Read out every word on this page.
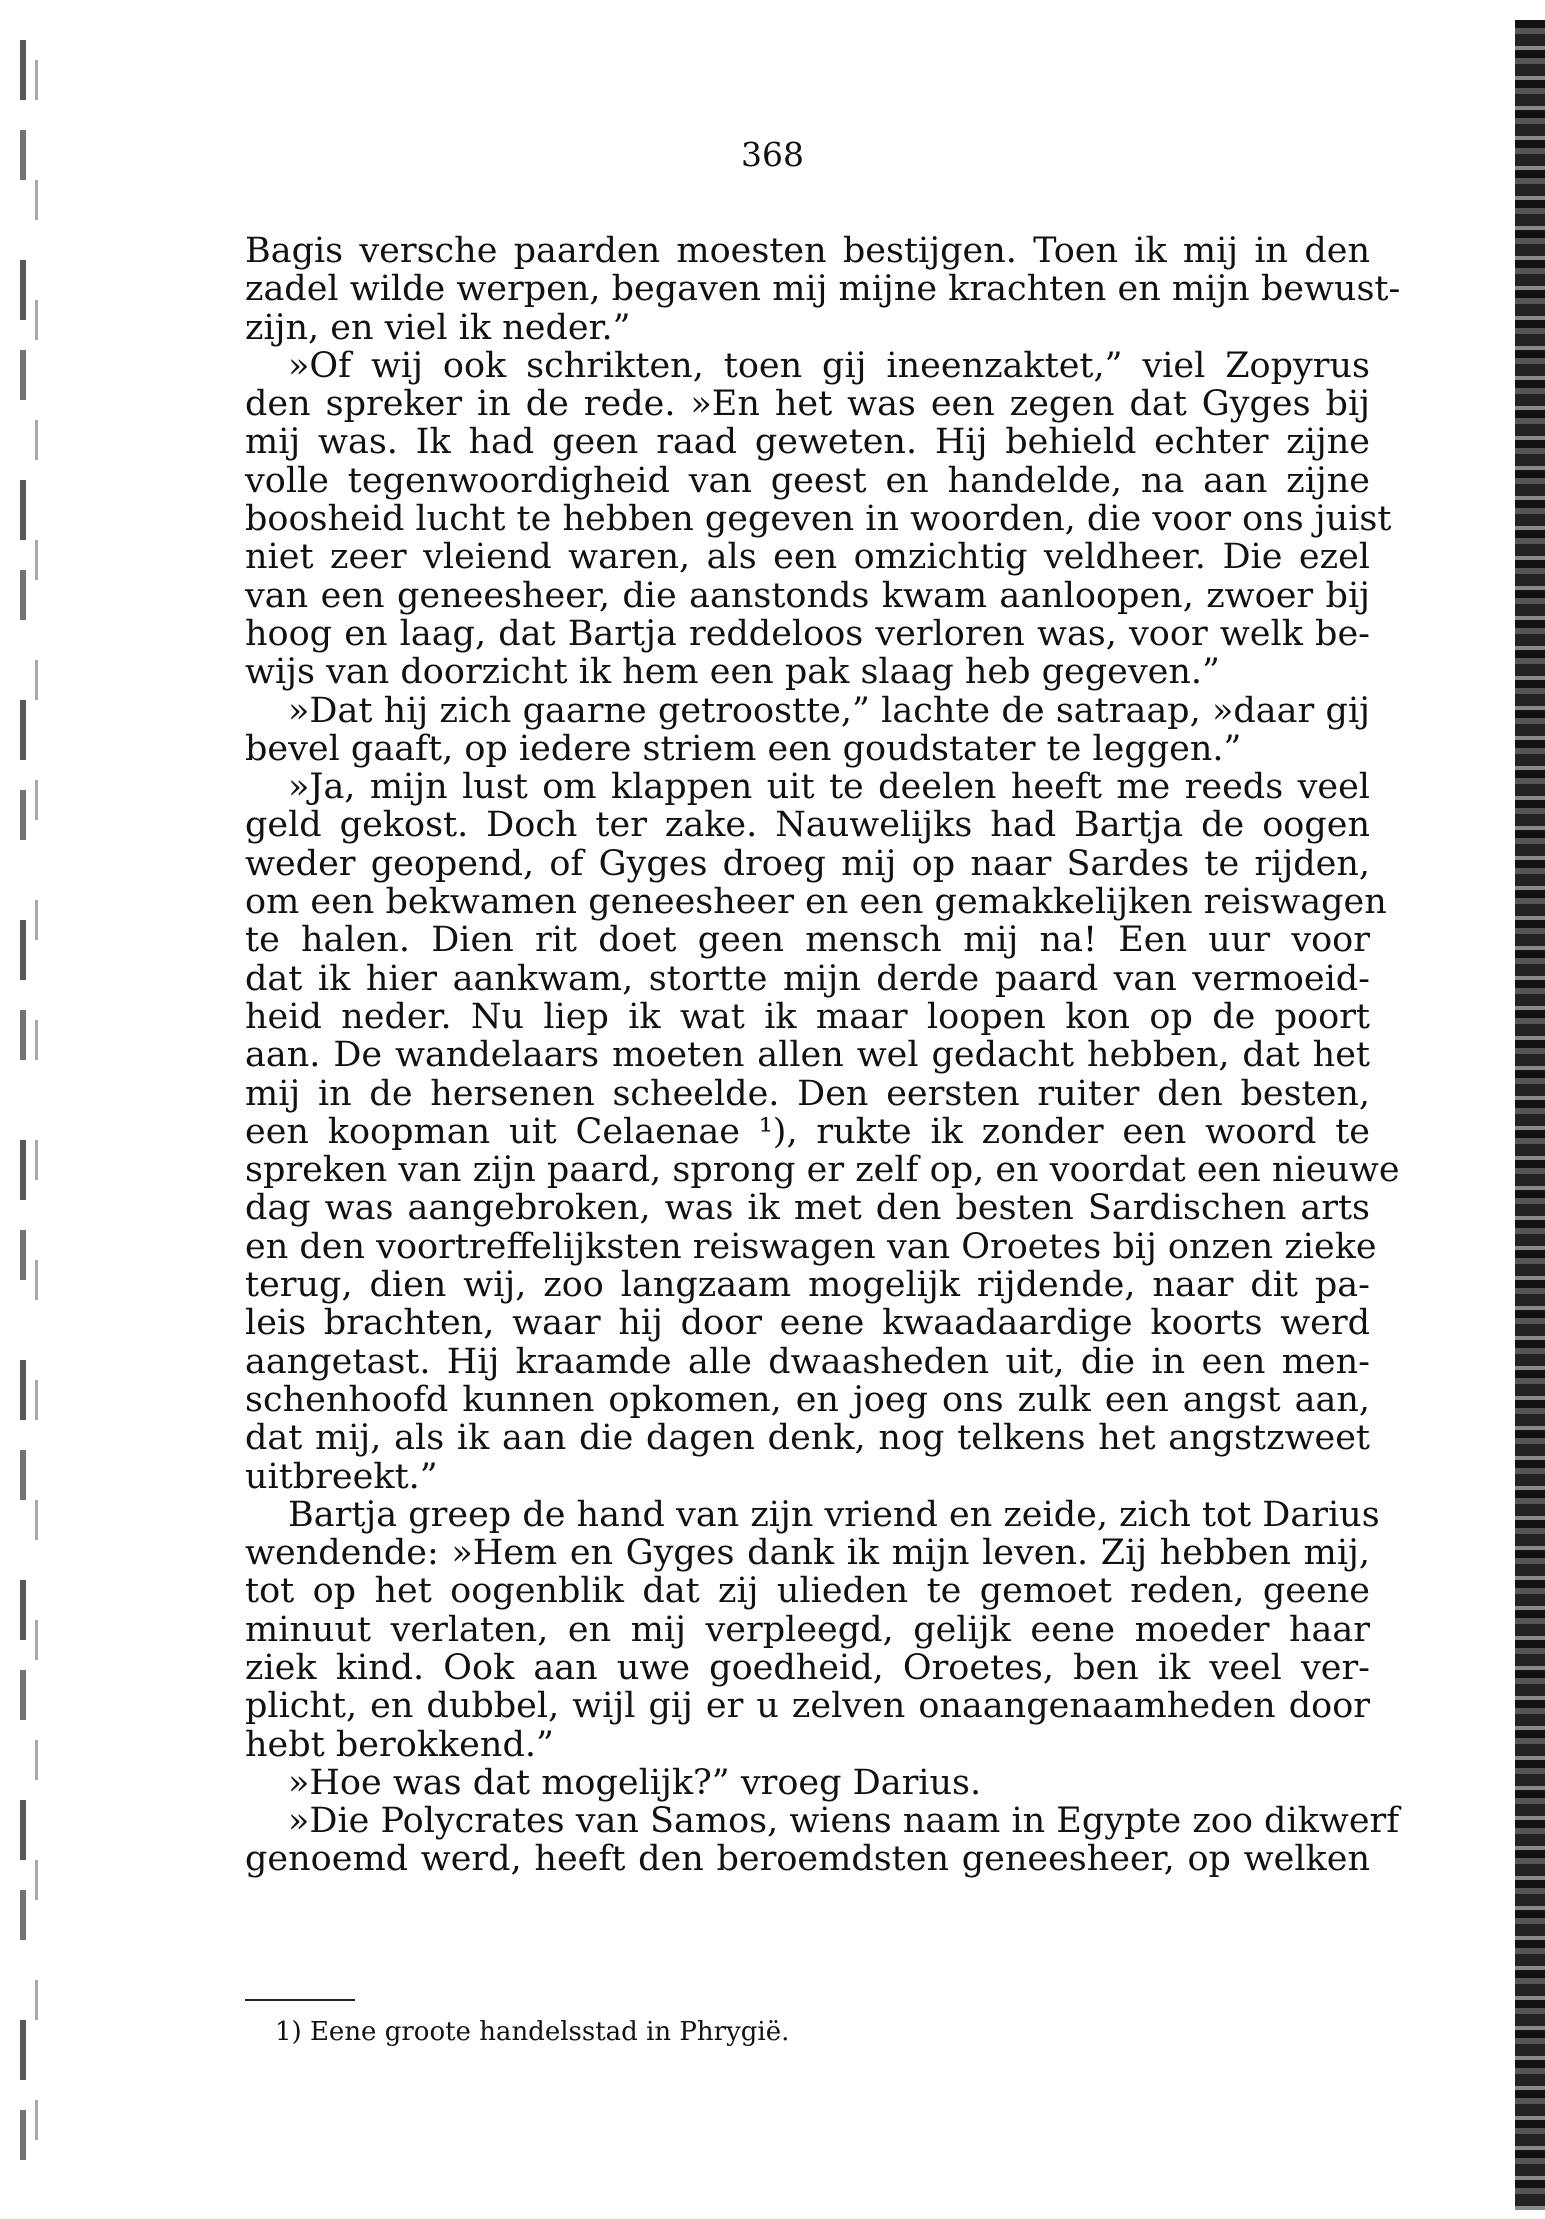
368
Bagis versche paarden moesten bestijgen. Toen ik mij in den
zadel wilde werpen, begaven mij mijne krachten en mijn bewust-
zijn, en viel ik neder.”
»Of wij ook schrikten, toen gij ineenzaktet,” viel Zopyrus
den spreker in de rede. »En het was een zegen dat Gyges bij
mij was. Ik had geen raad geweten. Hij behield echter zijne
volle tegenwoordigheid van geest en handelde, na aan zijne
boosheid lucht te hebben gegeven in woorden, die voor ons juist
niet zeer vleiend waren, als een omzichtig veldheer. Die ezel
van een geneesheer, die aanstonds kwam aanloopen, zwoer bij
hoog en laag, dat Bartja reddeloos verloren was, voor welk be-
wijs van doorzicht ik hem een pak slaag heb gegeven.”
»Dat hij zich gaarne getroostte,” lachte de satraap, »daar gij
bevel gaaft, op iedere striem een goudstater te leggen.”
»Ja, mijn lust om klappen uit te deelen heeft me reeds veel
geld gekost. Doch ter zake. Nauwelijks had Bartja de oogen
weder geopend, of Gyges droeg mij op naar Sardes te rijden,
om een bekwamen geneesheer en een gemakkelijken reiswagen
te halen. Dien rit doet geen mensch mij na! Een uur voor
dat ik hier aankwam, stortte mijn derde paard van vermoeid-
heid neder. Nu liep ik wat ik maar loopen kon op de poort
aan. De wandelaars moeten allen wel gedacht hebben, dat het
mij in de hersenen scheelde. Den eersten ruiter den besten,
een koopman uit Celaenae ¹), rukte ik zonder een woord te
spreken van zijn paard, sprong er zelf op, en voordat een nieuwe
dag was aangebroken, was ik met den besten Sardischen arts
en den voortreffelijksten reiswagen van Oroetes bij onzen zieke
terug, dien wij, zoo langzaam mogelijk rijdende, naar dit pa-
leis brachten, waar hij door eene kwaadaardige koorts werd
aangetast. Hij kraamde alle dwaasheden uit, die in een men-
schenhoofd kunnen opkomen, en joeg ons zulk een angst aan,
dat mij, als ik aan die dagen denk, nog telkens het angstzweet
uitbreekt.”
Bartja greep de hand van zijn vriend en zeide, zich tot Darius
wendende: »Hem en Gyges dank ik mijn leven. Zij hebben mij,
tot op het oogenblik dat zij ulieden te gemoet reden, geene
minuut verlaten, en mij verpleegd, gelijk eene moeder haar
ziek kind. Ook aan uwe goedheid, Oroetes, ben ik veel ver-
plicht, en dubbel, wijl gij er u zelven onaangenaamheden door
hebt berokkend.”
»Hoe was dat mogelijk?” vroeg Darius.
»Die Polycrates van Samos, wiens naam in Egypte zoo dikwerf
genoemd werd, heeft den beroemdsten geneesheer, op welken
1) Eene groote handelsstad in Phrygië.
